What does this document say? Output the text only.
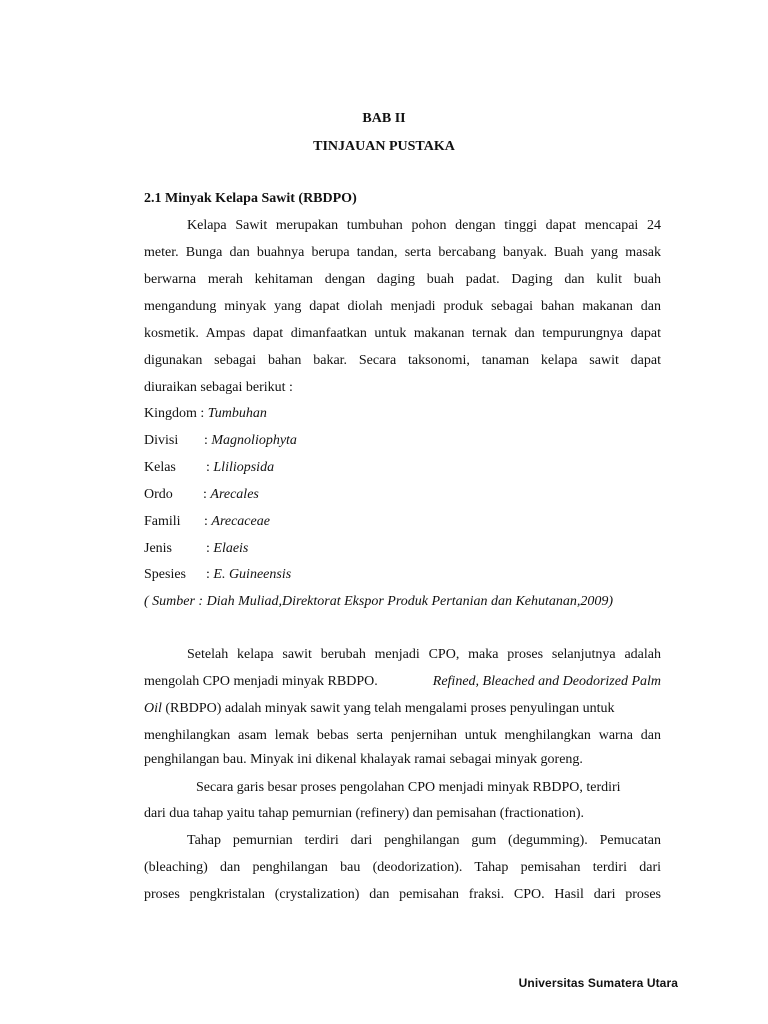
BAB II
TINJAUAN PUSTAKA
2.1 Minyak Kelapa Sawit (RBDPO)
Kelapa Sawit merupakan tumbuhan pohon dengan tinggi dapat mencapai 24
meter. Bunga dan buahnya berupa tandan, serta bercabang banyak. Buah yang masak
berwarna merah kehitaman dengan daging buah padat. Daging dan kulit buah
mengandung minyak yang dapat diolah menjadi produk sebagai bahan makanan dan
kosmetik. Ampas dapat dimanfaatkan untuk makanan ternak dan tempurungnya dapat
digunakan sebagai bahan bakar. Secara taksonomi, tanaman kelapa sawit dapat
diuraikan sebagai berikut :
Kingdom : Tumbuhan
Divisi : Magnoliophyta
Kelas : Lliliopsida
Ordo : Arecales
Famili : Arecaceae
Jenis : Elaeis
Spesies : E. Guineensis
( Sumber : Diah Muliad,Direktorat Ekspor Produk Pertanian dan Kehutanan,2009)
Setelah kelapa sawit berubah menjadi CPO, maka proses selanjutnya adalah
mengolah CPO menjadi minyak RBDPO.	Refined, Bleached and Deodorized Palm
Oil (RBDPO) adalah minyak sawit yang telah mengalami proses penyulingan untuk
menghilangkan asam lemak bebas serta penjernihan untuk menghilangkan warna dan
penghilangan bau. Minyak ini dikenal khalayak ramai sebagai minyak goreng.
Secara garis besar proses pengolahan CPO menjadi minyak RBDPO, terdiri
dari dua tahap yaitu tahap pemurnian (refinery) dan pemisahan (fractionation).
Tahap pemurnian terdiri dari penghilangan gum (degumming). Pemucatan
(bleaching) dan penghilangan bau (deodorization). Tahap pemisahan terdiri dari
proses pengkristalan (crystalization) dan pemisahan fraksi. CPO. Hasil dari proses
Universitas Sumatera Utara
